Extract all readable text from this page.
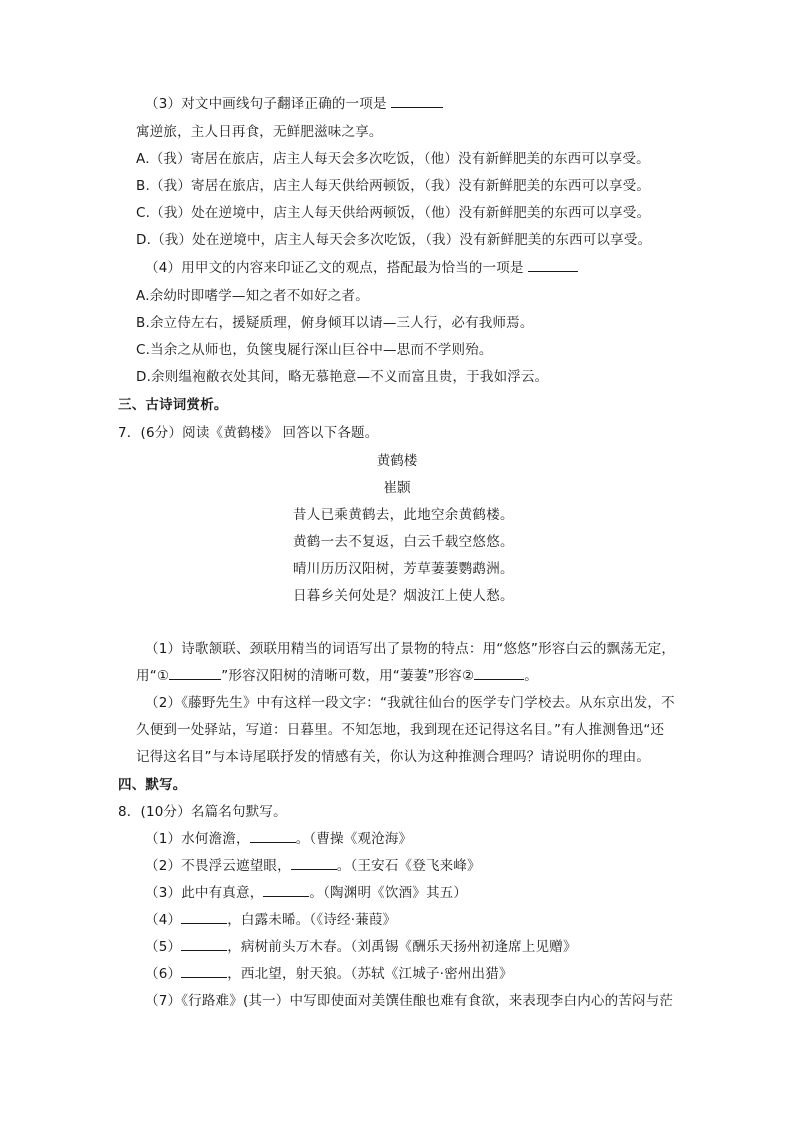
（3）对文中画线句子翻译正确的一项是
寓逆旅，主人日再食，无鲜肥滋味之享。
A.（我）寄居在旅店，店主人每天会多次吃饭，（他）没有新鲜肥美的东西可以享受。
B.（我）寄居在旅店，店主人每天供给两顿饭，（我）没有新鲜肥美的东西可以享受。
C.（我）处在逆境中，店主人每天供给两顿饭，（他）没有新鲜肥美的东西可以享受。
D.（我）处在逆境中，店主人每天会多次吃饭，（我）没有新鲜肥美的东西可以享受。
（4）用甲文的内容来印证乙文的观点，搭配最为恰当的一项是
A.余幼时即嗜学—知之者不如好之者。
B.余立侍左右，援疑质理，俯身倾耳以请—三人行，必有我师焉。
C.当余之从师也，负箧曳屣行深山巨谷中—思而不学则殆。
D.余则缊袍敝衣处其间，略无慕艳意—不义而富且贵，于我如浮云。
三、古诗词赏析。
7．(6分）阅读《黄鹤楼》 回答以下各题。
黄鹤楼
崔颢
昔人已乘黄鹤去，此地空余黄鹤楼。
黄鹤一去不复返，白云千载空悠悠。
晴川历历汉阳树，芳草萋萋鹦鹉洲。
日暮乡关何处是？烟波江上使人愁。
（1）诗歌颔联、颈联用精当的词语写出了景物的特点：用“悠悠”形容白云的飘荡无定，
用“①	”形容汉阳树的清晰可数，用“萋萋”形容②	。
（2）《藤野先生》中有这样一段文字：“我就往仙台的医学专门学校去。从东京出发，不
久便到一处驿站，写道：日暮里。不知怎地，我到现在还记得这名目。”有人推测鲁迅“还
记得这名目”与本诗尾联抒发的情感有关，你认为这种推测合理吗？请说明你的理由。
四、默写。
8．(10分）名篇名句默写。
（1）水何澹澹，	。（曹操《观沧海》
（2）不畏浮云遮望眼，	。（王安石《登飞来峰》
（3）此中有真意，	。（陶渊明《饮酒》其五）
（4）	，白露未晞。（《诗经·蒹葭》
（5）	，病树前头万木春。（刘禹锡《酬乐天扬州初逢席上见赠》
（6）	，西北望，射天狼。（苏轼《江城子·密州出猎》
（7）《行路难》(其一）中写即使面对美馔佳酿也难有食欲，来表现李白内心的苦闷与茫
